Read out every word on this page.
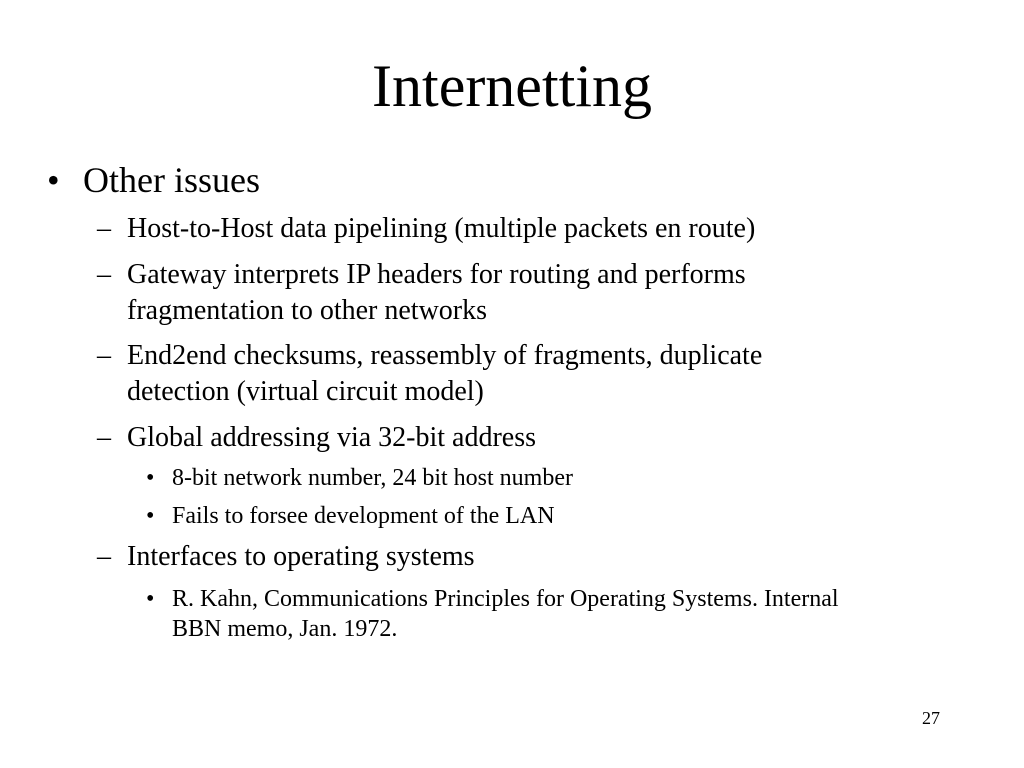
Internetting
• Other issues
– Host-to-Host data pipelining (multiple packets en route)
– Gateway interprets IP headers for routing and performs
fragmentation to other networks
– End2end checksums, reassembly of fragments, duplicate
detection (virtual circuit model)
– Global addressing via 32-bit address
• 8-bit network number, 24 bit host number
• Fails to forsee development of the LAN
– Interfaces to operating systems
• R. Kahn, Communications Principles for Operating Systems. Internal
BBN memo, Jan. 1972.
27
